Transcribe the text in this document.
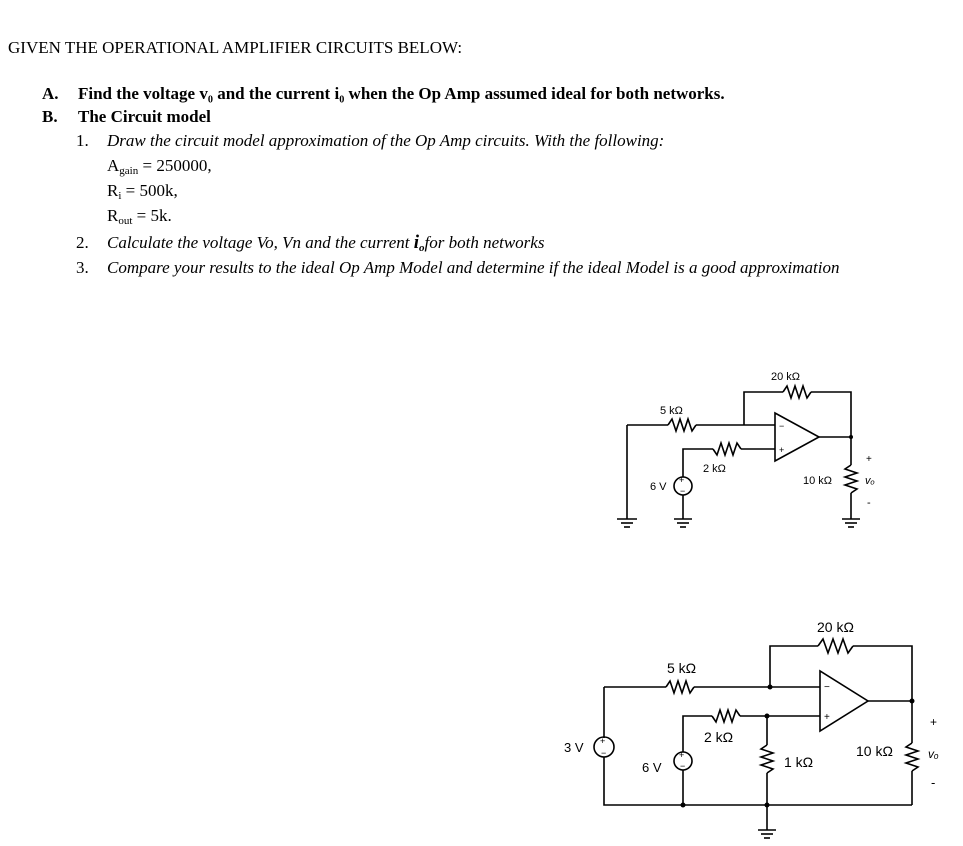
GIVEN THE OPERATIONAL AMPLIFIER CIRCUITS BELOW:
A. Find the voltage v₀ and the current i₀ when the Op Amp assumed ideal for both networks.
B. The Circuit model
1. Draw the circuit model approximation of the Op Amp circuits. With the following:
$A_{gain} = 250000$,
$R_i = 500k$,
$R_{out} = 5k$.
2. Calculate the voltage Vo, Vn and the current $i_ofor$ both networks
3. Compare your results to the ideal Op Amp Model and determine if the ideal Model is a good approximation
−
+
+
−
20 kΩ
5 kΩ
2 kΩ
6 V	10 kΩ
+
vₒ
-
+
−
−
+
+
−
20 kΩ
5 kΩ
2 kΩ
3 V
6 V	1 kΩ
10 kΩ
+
vₒ
-
